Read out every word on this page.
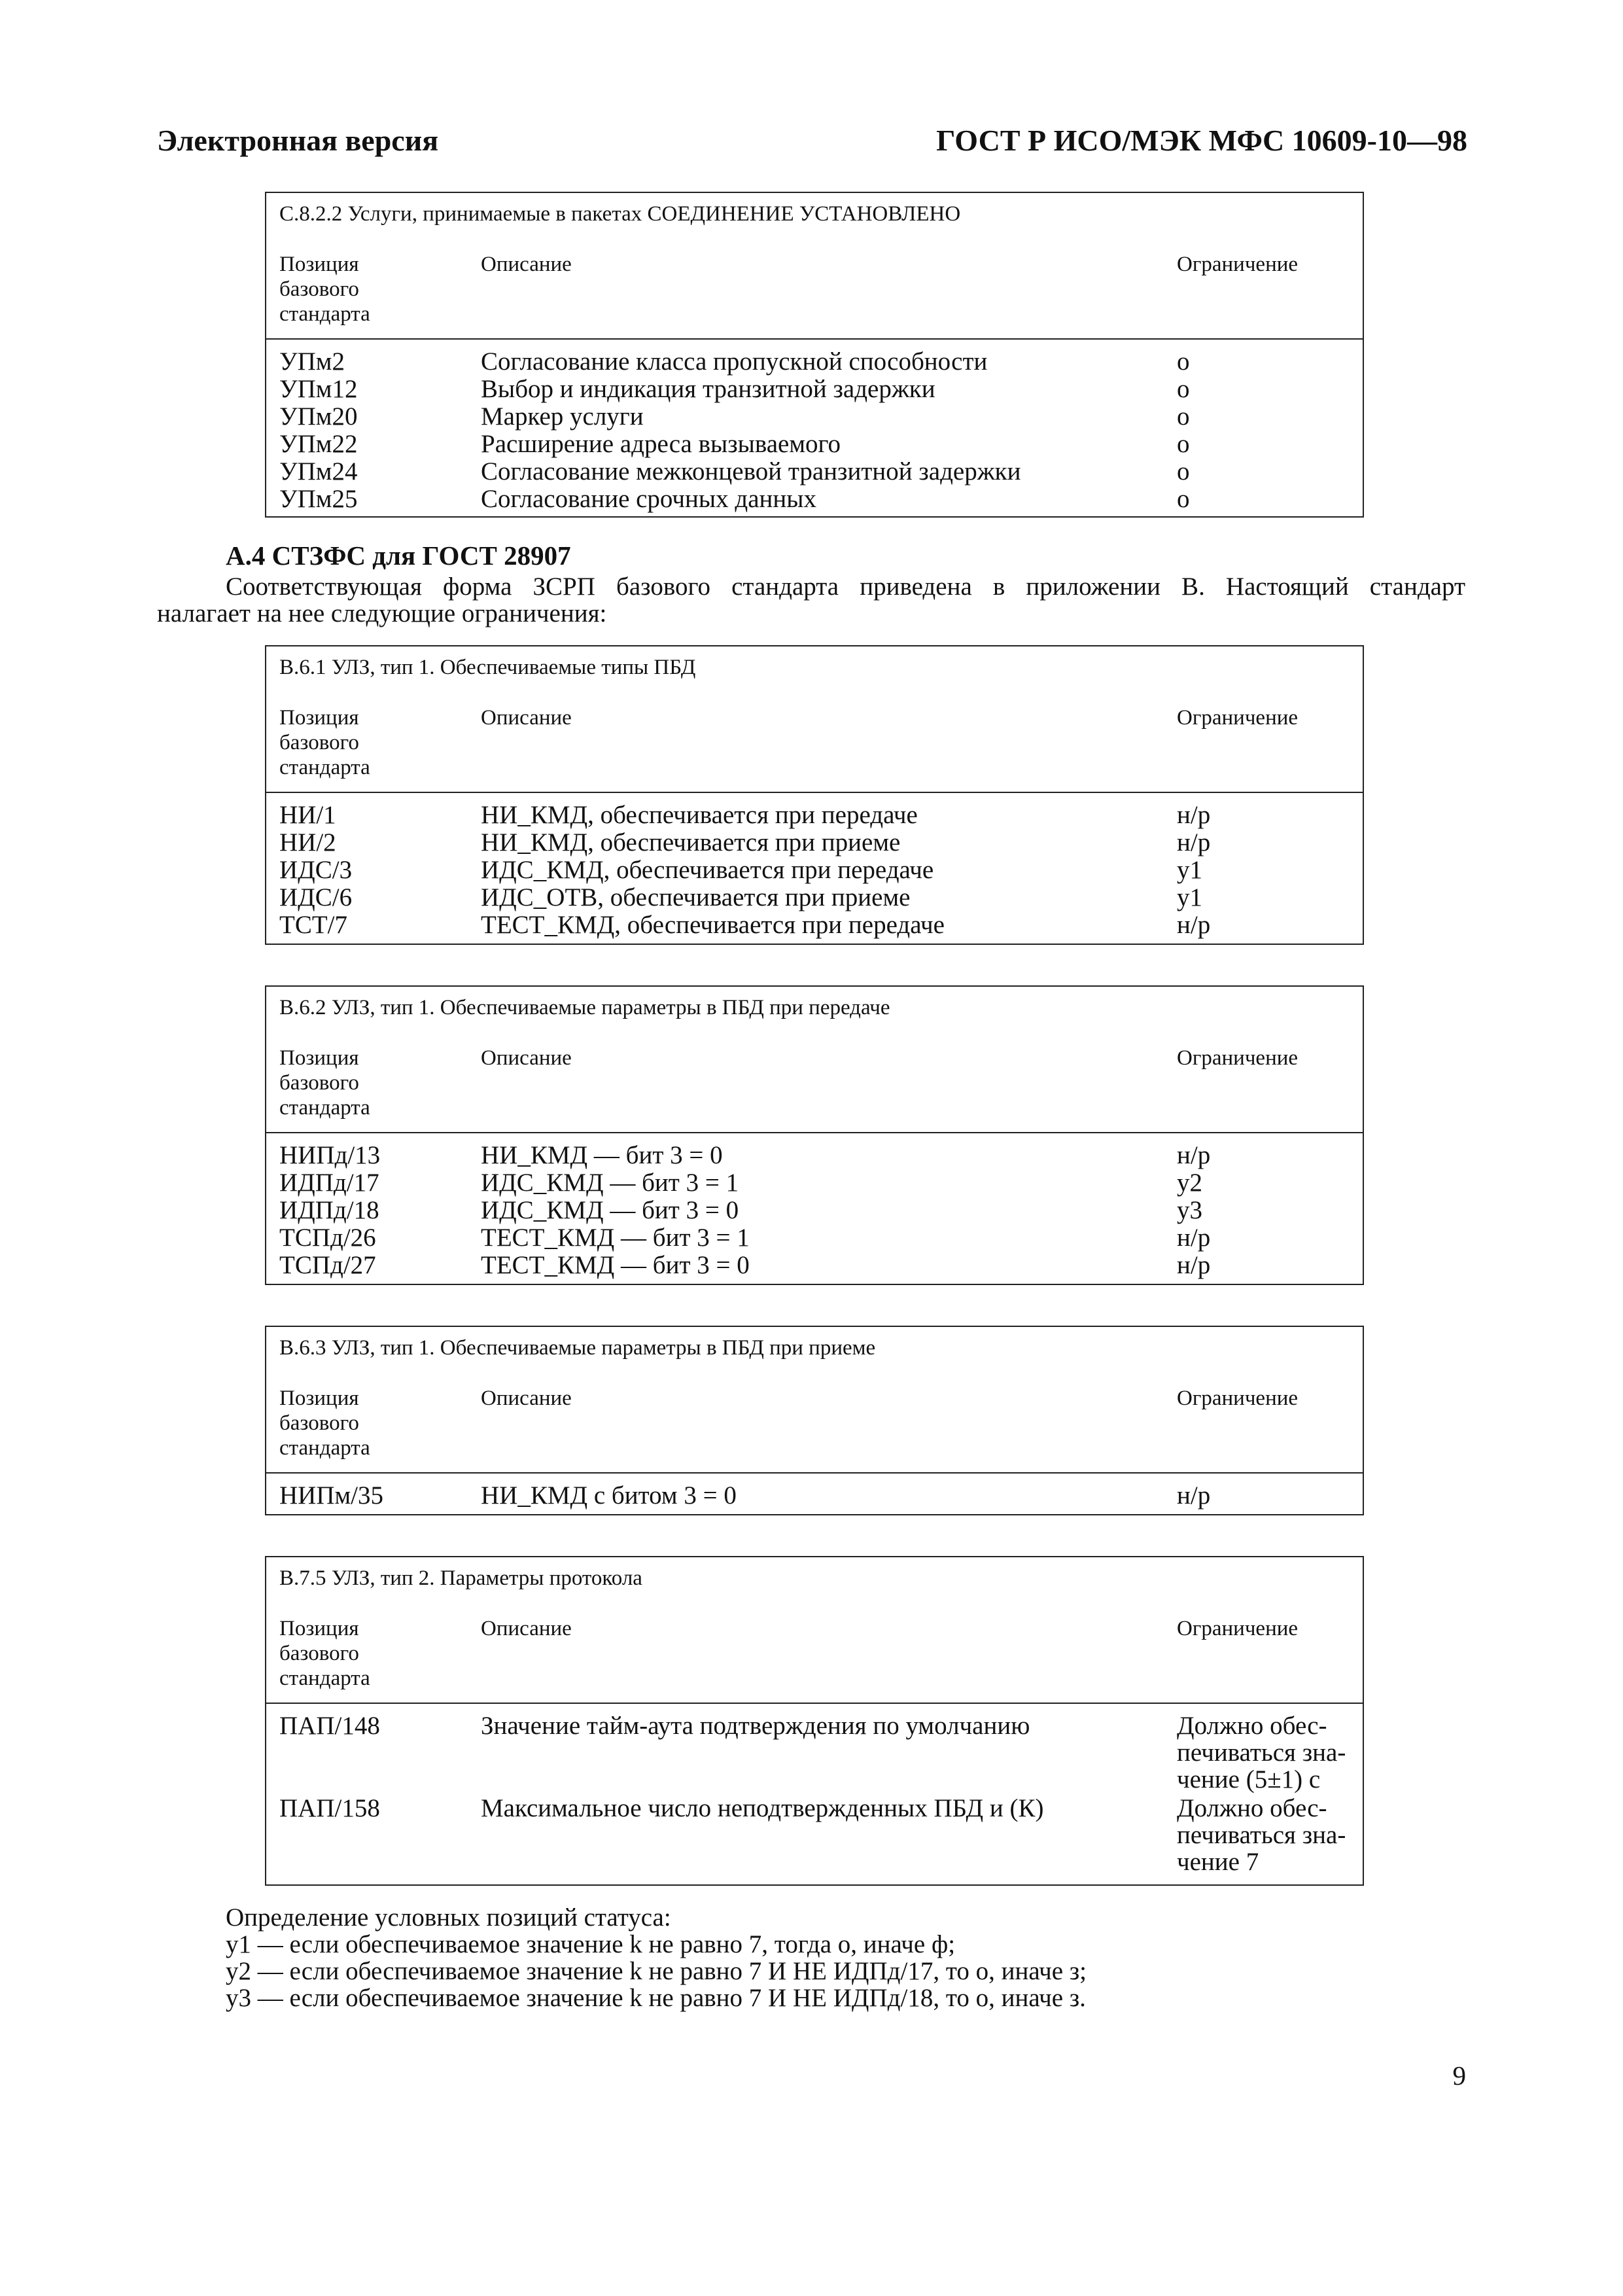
Электронная версия	ГОСТ Р ИСО/МЭК МФС 10609-10—98
С.8.2.2 Услуги, принимаемые в пакетах СОЕДИНЕНИЕ УСТАНОВЛЕНО
Позиция
базового
стандарта
Описание	Ограничение
УПм2	Согласование класса пропускной способности	о
УПм12	Выбор и индикация транзитной задержки	о
УПм20	Маркер услуги	о
УПм22	Расширение адреса вызываемого	о
УПм24	Согласование межконцевой транзитной задержки	о
УПм25	Согласование срочных данных	о
А.4 СТЗФС для ГОСТ 28907
Соответствующая форма ЗСРП базового стандарта приведена в приложении В. Настоящий стандарт
налагает на нее следующие ограничения:
В.6.1 УЛЗ, тип 1. Обеспечиваемые типы ПБД
Позиция
базового
стандарта
Описание	Ограничение
НИ/1	НИ_КМД, обеспечивается при передаче	н/р
НИ/2	НИ_КМД, обеспечивается при приеме	н/р
ИДС/3	ИДС_КМД, обеспечивается при передаче	у1
ИДС/6	ИДС_ОТВ, обеспечивается при приеме	у1
ТСТ/7	ТЕСТ_КМД, обеспечивается при передаче	н/р
В.6.2 УЛЗ, тип 1. Обеспечиваемые параметры в ПБД при передаче
Позиция
базового
стандарта
Описание	Ограничение
НИПд/13	НИ_КМД — бит 3 = 0	н/р
ИДПд/17	ИДС_КМД — бит 3 = 1	у2
ИДПд/18	ИДС_КМД — бит 3 = 0	у3
ТСПд/26	ТЕСТ_КМД — бит 3 = 1	н/р
ТСПд/27	ТЕСТ_КМД — бит 3 = 0	н/р
В.6.3 УЛЗ, тип 1. Обеспечиваемые параметры в ПБД при приеме
Позиция
базового
стандарта
Описание	Ограничение
НИПм/35	НИ_КМД с битом 3 = 0	н/р
В.7.5 УЛЗ, тип 2. Параметры протокола
Позиция
базового
стандарта
Описание	Ограничение
ПАП/148	Значение тайм-аута подтверждения по умолчанию	Должно обеспечиваться значение (5±1) с
ПАП/158	Максимальное число неподтвержденных ПБД и (К)	Должно обеспечиваться значение 7
Определение условных позиций статуса:
у1 — если обеспечиваемое значение k не равно 7, тогда о, иначе ф;
у2 — если обеспечиваемое значение k не равно 7 И НЕ ИДПд/17, то о, иначе з;
у3 — если обеспечиваемое значение k не равно 7 И НЕ ИДПд/18, то о, иначе з.
9
